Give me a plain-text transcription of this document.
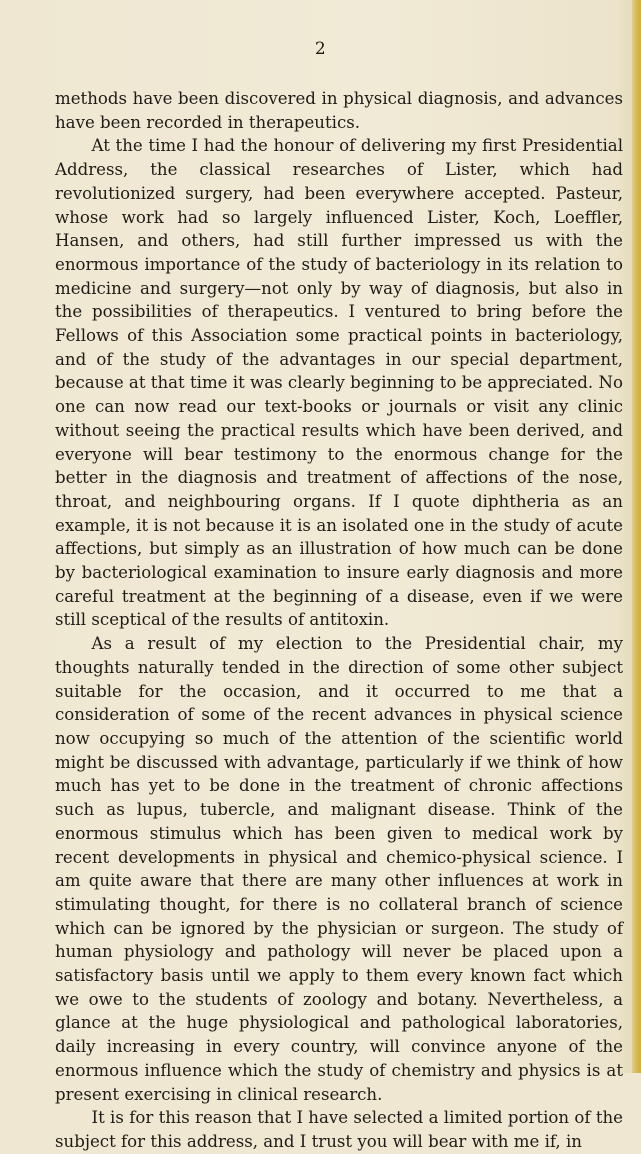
2

methods have been discovered in physical diagnosis, and advances have been recorded in therapeutics.

At the time I had the honour of delivering my first Presidential Address, the classical researches of Lister, which had revolutionized surgery, had been everywhere accepted. Pasteur, whose work had so largely influenced Lister, Koch, Loeffler, Hansen, and others, had still further impressed us with the enormous importance of the study of bacteriology in its relation to medicine and surgery—not only by way of diagnosis, but also in the possibilities of therapeutics. I ventured to bring before the Fellows of this Association some practical points in bacteriology, and of the study of the advantages in our special department, because at that time it was clearly beginning to be appreciated. No one can now read our text-books or journals or visit any clinic without seeing the practical results which have been derived, and everyone will bear testimony to the enormous change for the better in the diagnosis and treatment of affections of the nose, throat, and neighbouring organs. If I quote diphtheria as an example, it is not because it is an isolated one in the study of acute affections, but simply as an illustration of how much can be done by bacteriological examination to insure early diagnosis and more careful treatment at the beginning of a disease, even if we were still sceptical of the results of antitoxin.

As a result of my election to the Presidential chair, my thoughts naturally tended in the direction of some other subject suitable for the occasion, and it occurred to me that a consideration of some of the recent advances in physical science now occupying so much of the attention of the scientific world might be discussed with advantage, particularly if we think of how much has yet to be done in the treatment of chronic affections such as lupus, tubercle, and malignant disease. Think of the enormous stimulus which has been given to medical work by recent developments in physical and chemico-physical science. I am quite aware that there are many other influences at work in stimulating thought, for there is no collateral branch of science which can be ignored by the physician or surgeon. The study of human physiology and pathology will never be placed upon a satisfactory basis until we apply to them every known fact which we owe to the students of zoology and botany. Nevertheless, a glance at the huge physiological and pathological laboratories, daily increasing in every country, will convince anyone of the enormous influence which the study of chemistry and physics is at present exercising in clinical research.

It is for this reason that I have selected a limited portion of the subject for this address, and I trust you will bear with me if, in
